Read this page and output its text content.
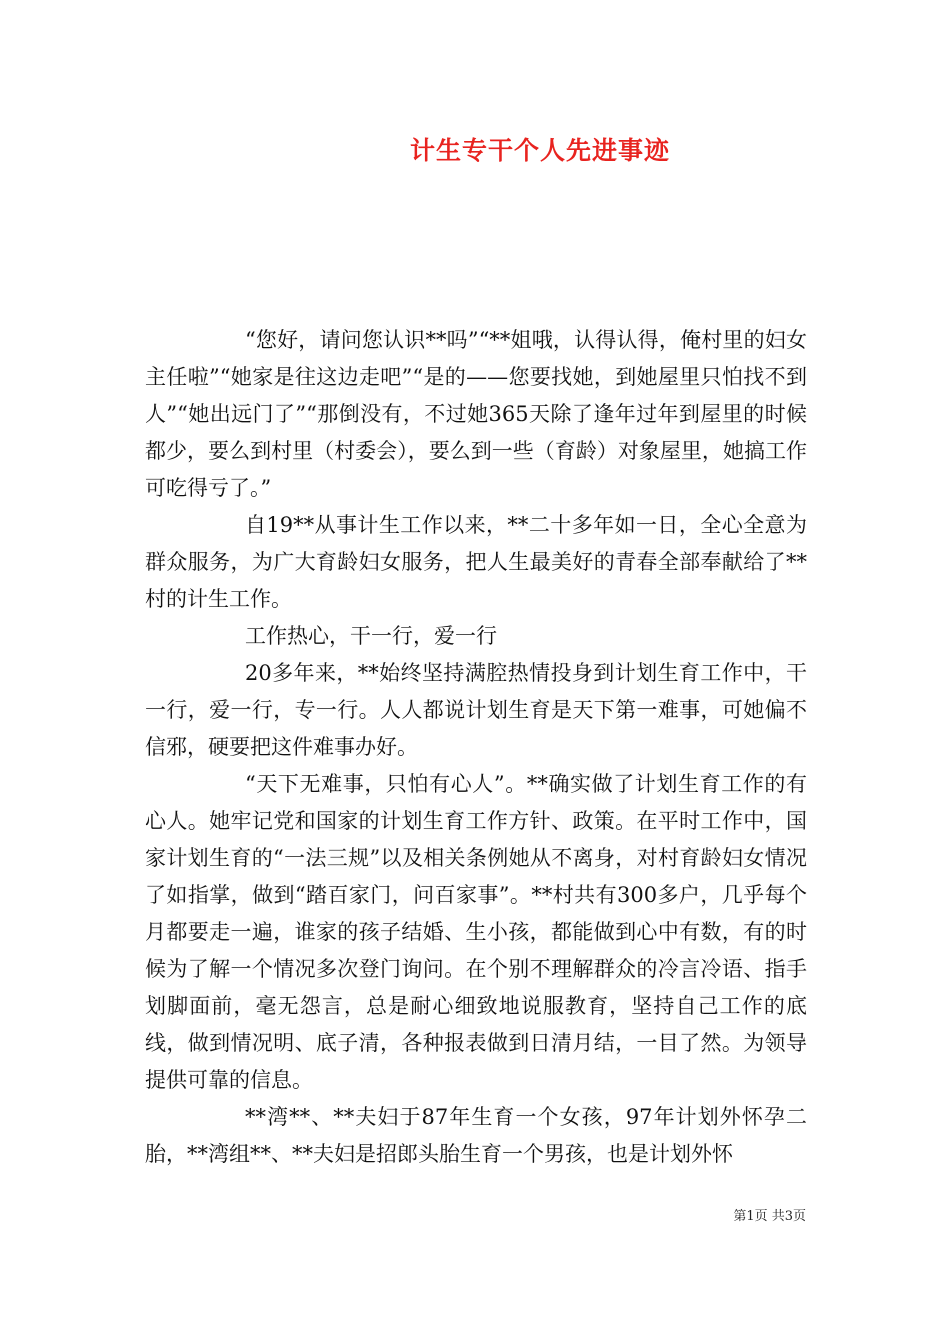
计生专干个人先进事迹

“您好，请问您认识**吗”“**姐哦，认得认得，俺村里的妇女主任啦”“她家是往这边走吧”“是的——您要找她，到她屋里只怕找不到人”“她出远门了”“那倒没有，不过她365天除了逢年过年到屋里的时候都少，要么到村里（村委会），要么到一些（育龄）对象屋里，她搞工作可吃得亏了。”

自19**从事计生工作以来，**二十多年如一日，全心全意为群众服务，为广大育龄妇女服务，把人生最美好的青春全部奉献给了**村的计生工作。

工作热心，干一行，爱一行

20多年来，**始终坚持满腔热情投身到计划生育工作中，干一行，爱一行，专一行。人人都说计划生育是天下第一难事，可她偏不信邪，硬要把这件难事办好。

“天下无难事，只怕有心人”。**确实做了计划生育工作的有心人。她牢记党和国家的计划生育工作方针、政策。在平时工作中，国家计划生育的“一法三规”以及相关条例她从不离身，对村育龄妇女情况了如指掌，做到“踏百家门，问百家事”。**村共有300多户，几乎每个月都要走一遍，谁家的孩子结婚、生小孩，都能做到心中有数，有的时候为了解一个情况多次登门询问。在个别不理解群众的冷言冷语、指手划脚面前，毫无怨言，总是耐心细致地说服教育，坚持自己工作的底线，做到情况明、底子清，各种报表做到日清月结，一目了然。为领导提供可靠的信息。

**湾**、**夫妇于87年生育一个女孩，97年计划外怀孕二胎，**湾组**、**夫妇是招郎头胎生育一个男孩，也是计划外怀

第1页 共3页
